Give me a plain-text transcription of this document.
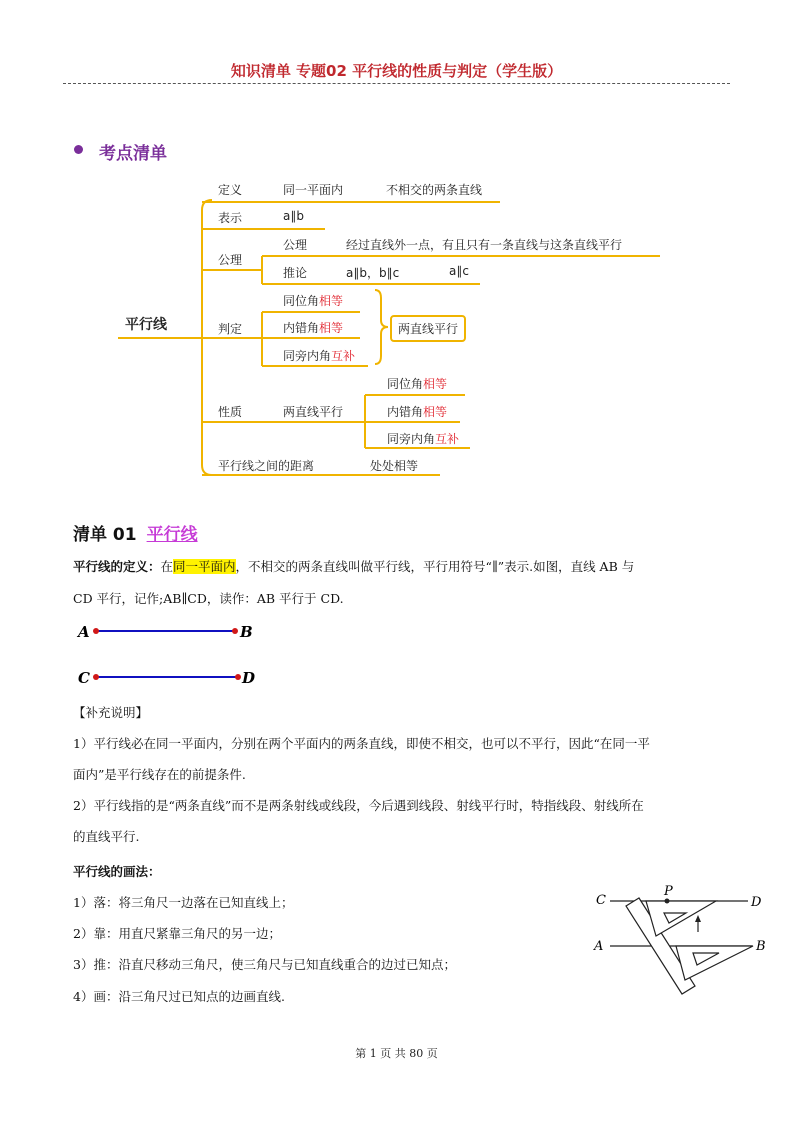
知识清单 专题02 平行线的性质与判定（学生版）
考点清单
平行线
定义	同一平面内	不相交的两条直线
表示	a∥b
公理
公理	经过直线外一点，有且只有一条直线与这条直线平行
推论	a∥b，b∥c	a∥c
判定
同位角相等
内错角相等
同旁内角互补
两直线平行
性质	两直线平行
同位角相等
内错角相等
同旁内角互补
平行线之间的距离	处处相等
清单 01 平行线
平行线的定义：在同一平面内，不相交的两条直线叫做平行线，平行用符号“∥”表示.如图，直线 AB 与
CD 平行，记作;AB∥CD，读作：AB 平行于 CD.
A	B
C	D
【补充说明】
1）平行线必在同一平面内，分别在两个平面内的两条直线，即使不相交，也可以不平行，因此“在同一平
面内”是平行线存在的前提条件.
2）平行线指的是“两条直线”而不是两条射线或线段，今后遇到线段、射线平行时，特指线段、射线所在
的直线平行.
平行线的画法：
1）落：将三角尺一边落在已知直线上；
2）靠：用直尺紧靠三角尺的另一边；
3）推：沿直尺移动三角尺，使三角尺与已知直线重合的边过已知点；
4）画：沿三角尺过已知点的边画直线.
C
P
D
A	B
第 1 页 共 80 页
